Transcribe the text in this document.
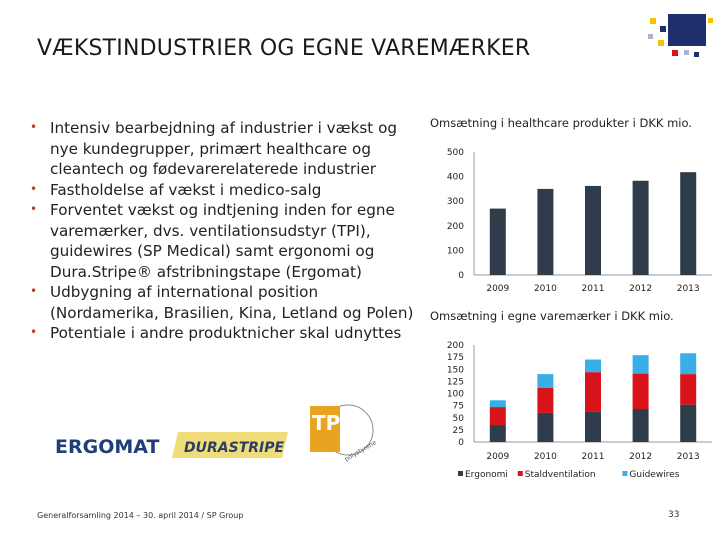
VÆKSTINDUSTRIER OG EGNE VAREMÆRKER
• Intensiv bearbejdning af industrier i vækst og nye kundegrupper, primært healthcare og cleantech og fødevarerelaterede industrier
• Fastholdelse af vækst i medico-salg
• Forventet vækst og indtjening inden for egne varemærker, dvs. ventilationsudstyr (TPI), guidewires (SP Medical) samt ergonomi og Dura.Stripe® afstribningstape (Ergomat)
• Udbygning af international position (Nordamerika, Brasilien, Kina, Letland og Polen)
• Potentiale i andre produktnicher skal udnyttes
ERGOMAT DURASTRIPE
TPI
polystyrene
Omsætning i healthcare produkter i DKK mio.
0
100
200
300
400
500
2009	2010	2011	2012	2013
Omsætning i egne varemærker i DKK mio.
0
25
50
75
100
125
150
175
200
2009	2010	2011	2012	2013
Ergonomi Staldventilation	Guidewires
Generalforsamling 2014 – 30. april 2014 / SP Group	33
